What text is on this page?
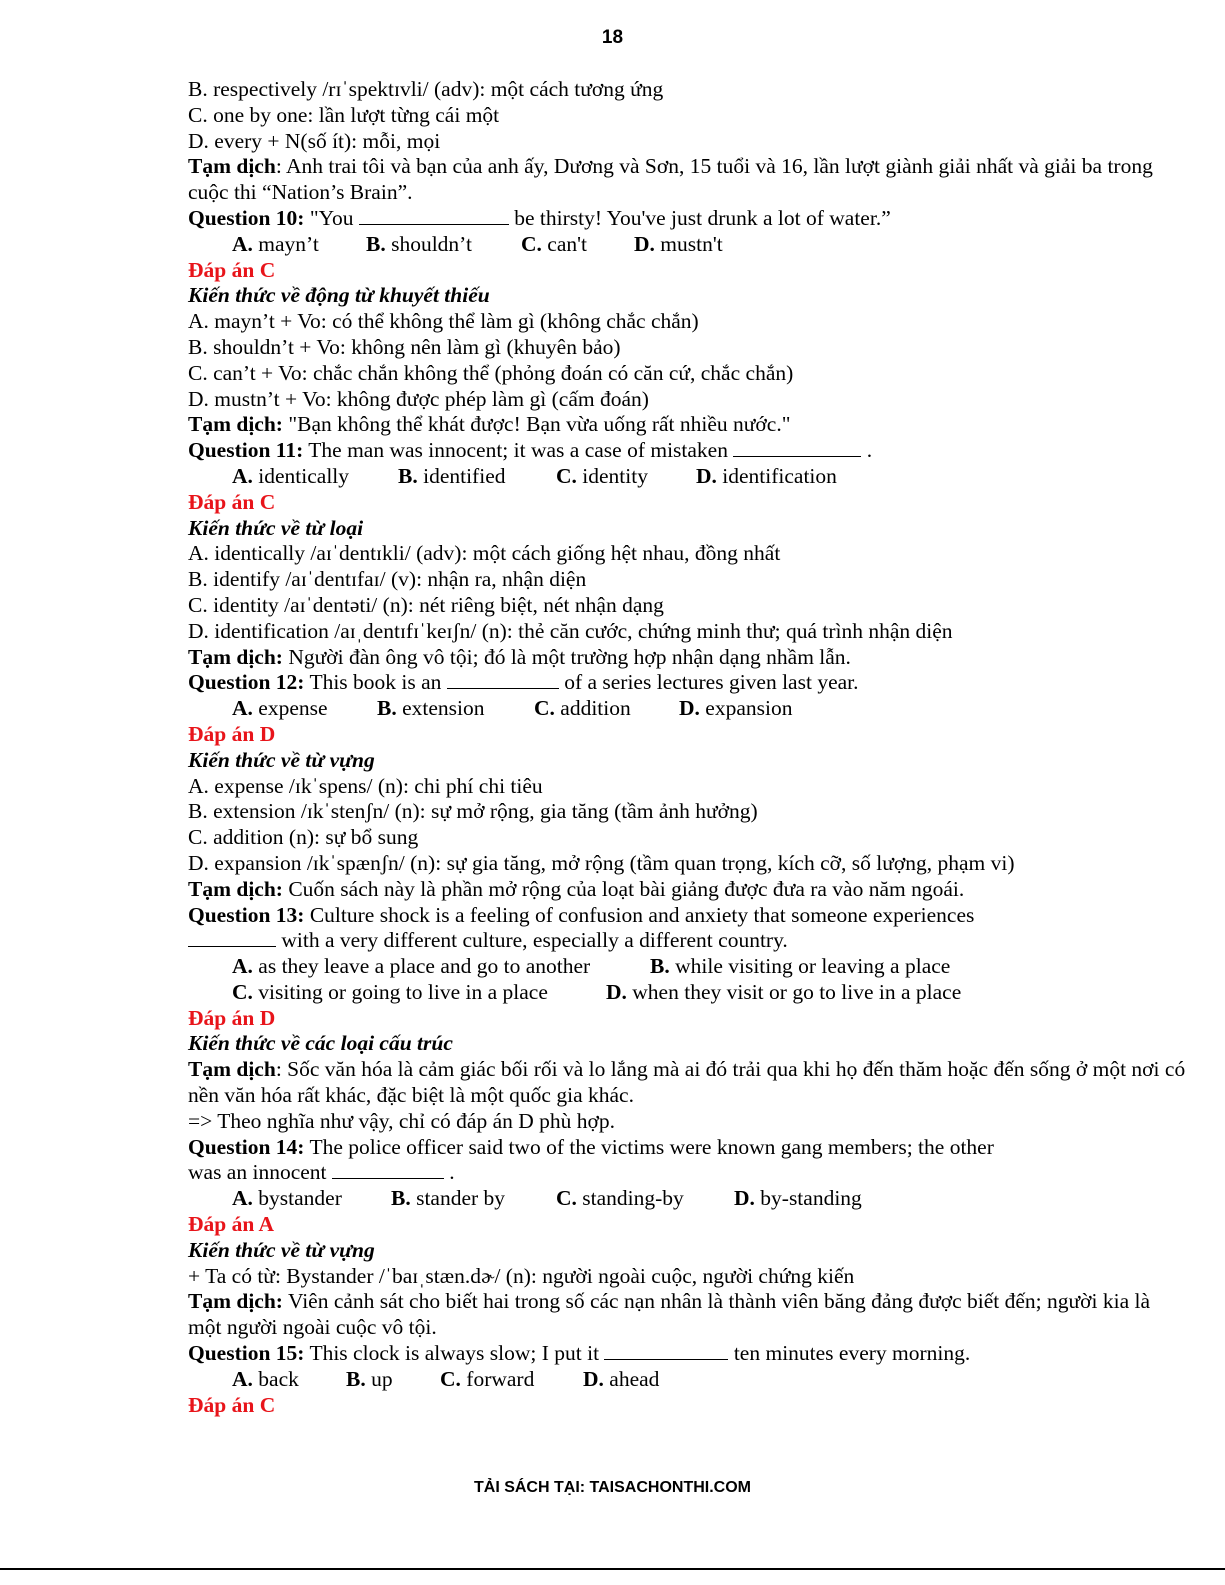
18
B. respectively /rɪˈspektɪvli/ (adv): một cách tương ứng
C. one by one: lần lượt từng cái một
D. every + N(số ít): mỗi, mọi
Tạm dịch: Anh trai tôi và bạn của anh ấy, Dương và Sơn, 15 tuổi và 16, lần lượt giành giải nhất và giải ba trong cuộc thi “Nation’s Brain”.
Question 10: "You	be thirsty! You've just drunk a lot of water.”
A. mayn’t B. shouldn’t C. can't D. mustn't
Đáp án C
Kiến thức về động từ khuyết thiếu
A. mayn’t + Vo: có thể không thể làm gì (không chắc chắn)
B. shouldn’t + Vo: không nên làm gì (khuyên bảo)
C. can’t + Vo: chắc chắn không thể (phỏng đoán có căn cứ, chắc chắn)
D. mustn’t + Vo: không được phép làm gì (cấm đoán)
Tạm dịch: "Bạn không thể khát được! Bạn vừa uống rất nhiều nước."
Question 11: The man was innocent; it was a case of mistaken	.
A. identically B. identified C. identity D. identification
Đáp án C
Kiến thức về từ loại
A. identically /aɪˈdentɪkli/ (adv): một cách giống hệt nhau, đồng nhất
B. identify /aɪˈdentɪfaɪ/ (v): nhận ra, nhận diện
C. identity /aɪˈdentəti/ (n): nét riêng biệt, nét nhận dạng
D. identification /aɪˌdentɪfɪˈkeɪʃn/ (n): thẻ căn cước, chứng minh thư; quá trình nhận diện
Tạm dịch: Người đàn ông vô tội; đó là một trường hợp nhận dạng nhầm lẫn.
Question 12: This book is an	of a series lectures given last year.
A. expense B. extension C. addition D. expansion
Đáp án D
Kiến thức về từ vựng
A. expense /ɪkˈspens/ (n): chi phí chi tiêu
B. extension /ɪkˈstenʃn/ (n): sự mở rộng, gia tăng (tầm ảnh hưởng)
C. addition (n): sự bổ sung
D. expansion /ɪkˈspænʃn/ (n): sự gia tăng, mở rộng (tầm quan trọng, kích cỡ, số lượng, phạm vi)
Tạm dịch: Cuốn sách này là phần mở rộng của loạt bài giảng được đưa ra vào năm ngoái.
Question 13: Culture shock is a feeling of confusion and anxiety that someone experiences
with a very different culture, especially a different country.
A. as they leave a place and go to another	B. while visiting or leaving a place
C. visiting or going to live in a place	D. when they visit or go to live in a place
Đáp án D
Kiến thức về các loại cấu trúc
Tạm dịch: Sốc văn hóa là cảm giác bối rối và lo lắng mà ai đó trải qua khi họ đến thăm hoặc đến sống ở một nơi có nền văn hóa rất khác, đặc biệt là một quốc gia khác.
=> Theo nghĩa như vậy, chỉ có đáp án D phù hợp.
Question 14: The police officer said two of the victims were known gang members; the other
was an innocent	.
A. bystander B. stander by C. standing-by D. by-standing
Đáp án A
Kiến thức về từ vựng
+ Ta có từ: Bystander /ˈbaɪˌstæn.dɚ/ (n): người ngoài cuộc, người chứng kiến
Tạm dịch: Viên cảnh sát cho biết hai trong số các nạn nhân là thành viên băng đảng được biết đến; người kia là một người ngoài cuộc vô tội.
Question 15: This clock is always slow; I put it	ten minutes every morning.
A. back B. up C. forward D. ahead
Đáp án C
TẢI SÁCH TẠI: TAISACHONTHI.COM
